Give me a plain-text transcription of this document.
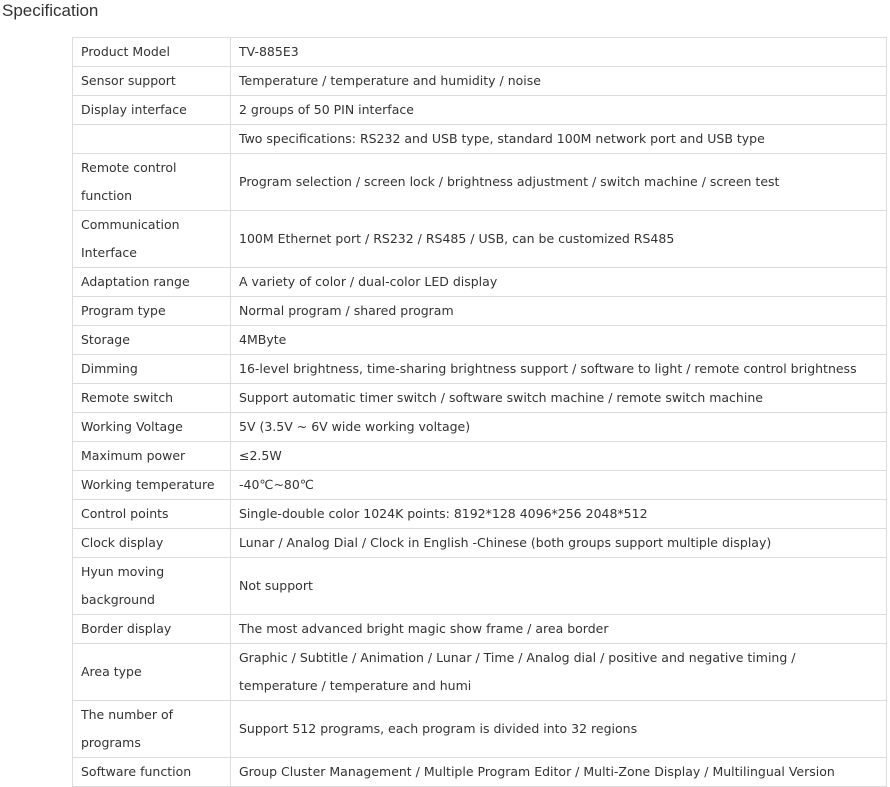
Specification
Product Model	TV-885E3
Sensor support	Temperature / temperature and humidity / noise
Display interface	2 groups of 50 PIN interface
	Two specifications: RS232 and USB type, standard 100M network port and USB type
Remote control function	Program selection / screen lock / brightness adjustment / switch machine / screen test
Communication Interface	100M Ethernet port / RS232 / RS485 / USB, can be customized RS485
Adaptation range	A variety of color / dual-color LED display
Program type	Normal program / shared program
Storage	4MByte
Dimming	16-level brightness, time-sharing brightness support / software to light / remote control brightness
Remote switch	Support automatic timer switch / software switch machine / remote switch machine
Working Voltage	5V (3.5V ~ 6V wide working voltage)
Maximum power	≤2.5W
Working temperature	-40℃~80℃
Control points	Single-double color 1024K points: 8192*128 4096*256 2048*512
Clock display	Lunar / Analog Dial / Clock in English -Chinese (both groups support multiple display)
Hyun moving background	Not support
Border display	The most advanced bright magic show frame / area border
Area type	Graphic / Subtitle / Animation / Lunar / Time / Analog dial / positive and negative timing / temperature / temperature and humi
The number of programs	Support 512 programs, each program is divided into 32 regions
Software function	Group Cluster Management / Multiple Program Editor / Multi-Zone Display / Multilingual Version
